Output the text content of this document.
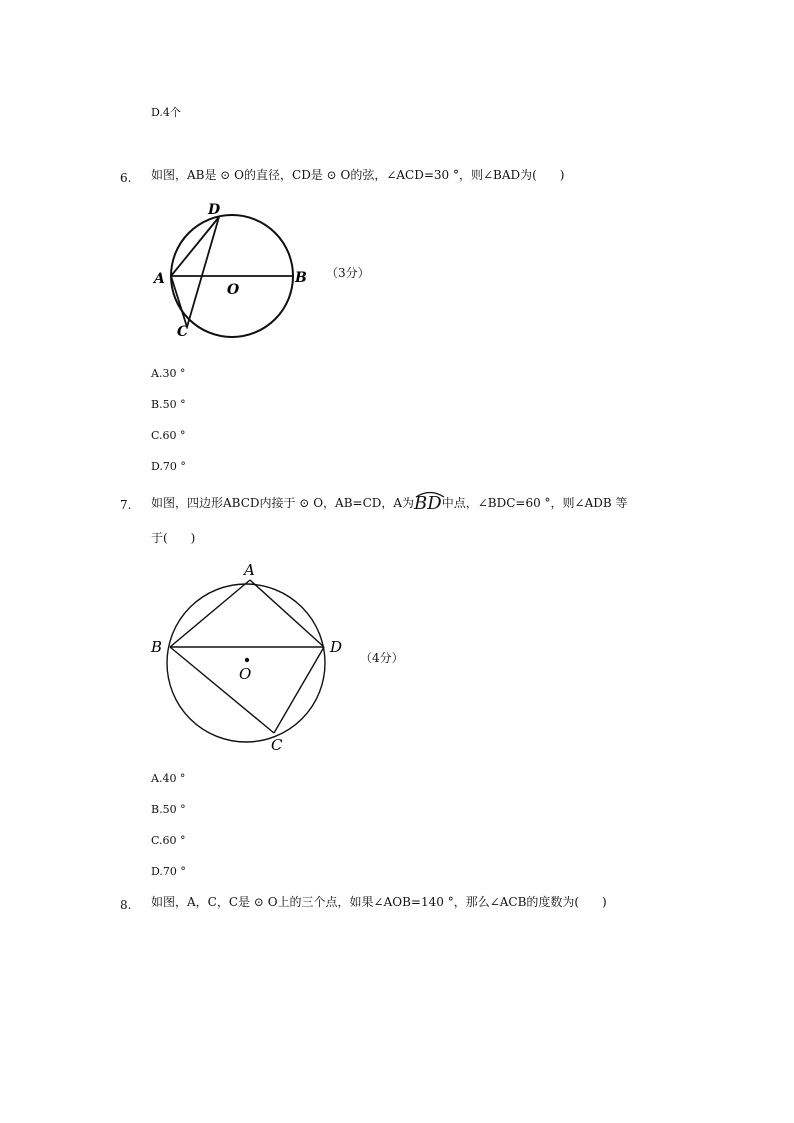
D.4个
6. 如图，AB是 ⊙ O的直径，CD是 ⊙ O的弦，∠ACD=30 °，则∠BAD为(      )
D
A	B
O
C
（3分）
A.30 °
B.50 °
C.60 °
D.70 °
7. 如图，四边形ABCD内接于 ⊙ O，AB=CD，A为
BD中点，∠BDC=60 °，则∠ADB 等
于(      )
A
B	D
O
C
（4分）
A.40 °
B.50 °
C.60 °
D.70 °
8. 如图，A，C，C是 ⊙ O上的三个点，如果∠AOB=140 °，那么∠ACB的度数为(      )
